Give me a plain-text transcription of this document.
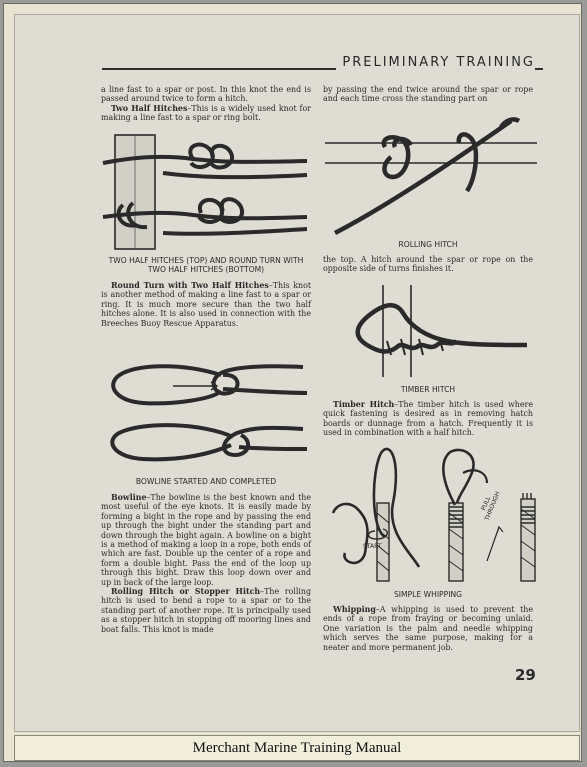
PRELIMINARY TRAINING

a line fast to a spar or post. In this knot the end is passed around twice to form a hitch.

Two Half Hitches–This is a widely used knot for making a line fast to a spar or ring bolt.

TWO HALF HITCHES (TOP) AND ROUND TURN WITH TWO HALF HITCHES (BOTTOM)

Round Turn with Two Half Hitches–This knot is another method of making a line fast to a spar or ring. It is much more secure than the two half hitches alone. It is also used in connection with the Breeches Buoy Rescue Apparatus.

BOWLINE STARTED AND COMPLETED

Bowline–The bowline is the best known and the most useful of the eye knots. It is easily made by forming a bight in the rope and by passing the end up through the bight under the standing part and down through the bight again. A bowline on a bight is a method of making a loop in a rope, both ends of which are fast. Double up the center of a rope and form a double bight. Pass the end of the loop up through this bight. Draw this loop down over and up in back of the large loop.

Rolling Hitch or Stopper Hitch–The rolling hitch is used to bend a rope to a spar or to the standing part of another rope. It is principally used as a stopper hitch in stopping off mooring lines and boat falls. This knot is made

by passing the end twice around the spar or rope and each time cross the standing part on

ROLLING HITCH

the top. A hitch around the spar or rope on the opposite side of turns finishes it.

TIMBER HITCH

Timber Hitch–The timber hitch is used where quick fastening is desired as in removing hatch boards or dunnage from a hatch. Frequently it is used in combination with a half hitch.

START
PULL THROUGH
SIMPLE WHIPPING

Whipping–A whipping is used to prevent the ends of a rope from fraying or becoming unlaid. One variation is the palm and needle whipping which serves the same purpose, making for a neater and more permanent job.

29
Merchant Marine Training Manual
